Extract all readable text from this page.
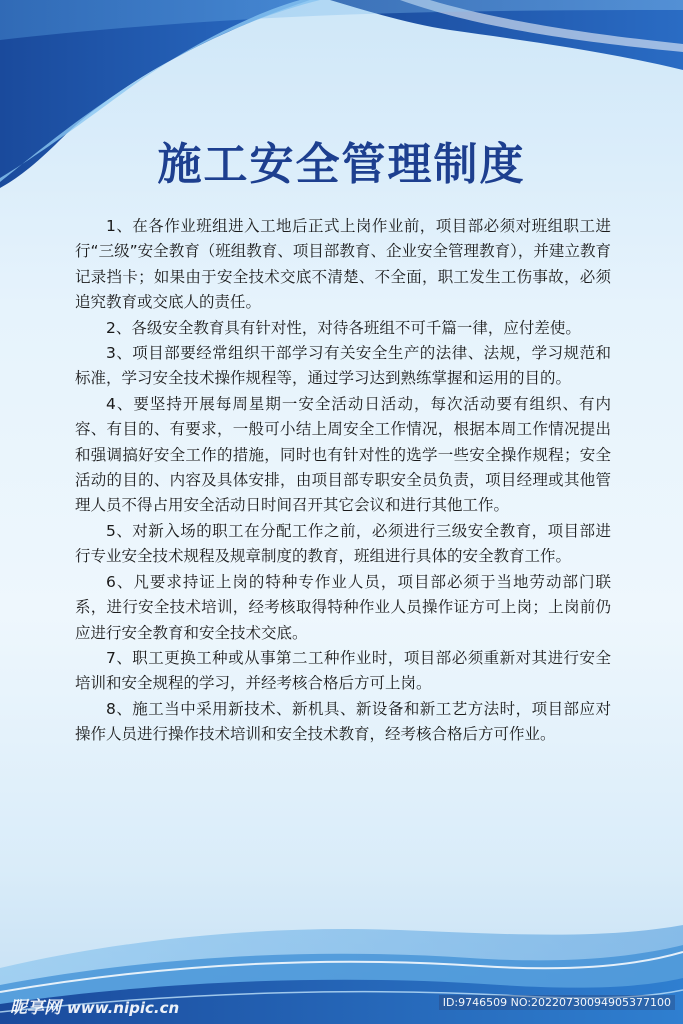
施工安全管理制度

1、在各作业班组进入工地后正式上岗作业前，项目部必须对班组职工进行“三级”安全教育（班组教育、项目部教育、企业安全管理教育），并建立教育记录挡卡；如果由于安全技术交底不清楚、不全面，职工发生工伤事故，必须追究教育或交底人的责任。

2、各级安全教育具有针对性，对待各班组不可千篇一律，应付差使。

3、项目部要经常组织干部学习有关安全生产的法律、法规，学习规范和标准，学习安全技术操作规程等，通过学习达到熟练掌握和运用的目的。

4、要坚持开展每周星期一安全活动日活动，每次活动要有组织、有内容、有目的、有要求，一般可小结上周安全工作情况，根据本周工作情况提出和强调搞好安全工作的措施，同时也有针对性的选学一些安全操作规程；安全活动的目的、内容及具体安排，由项目部专职安全员负责，项目经理或其他管理人员不得占用安全活动日时间召开其它会议和进行其他工作。

5、对新入场的职工在分配工作之前，必须进行三级安全教育，项目部进行专业安全技术规程及规章制度的教育，班组进行具体的安全教育工作。

6、凡要求持证上岗的特种专作业人员，项目部必须于当地劳动部门联系，进行安全技术培训，经考核取得特种作业人员操作证方可上岗；上岗前仍应进行安全教育和安全技术交底。

7、职工更换工种或从事第二工种作业时，项目部必须重新对其进行安全培训和安全规程的学习，并经考核合格后方可上岗。

8、施工当中采用新技术、新机具、新设备和新工艺方法时，项目部应对操作人员进行操作技术培训和安全技术教育，经考核合格后方可作业。

昵享网 www.nipic.cn	ID:9746509 NO:20220730094905377100
